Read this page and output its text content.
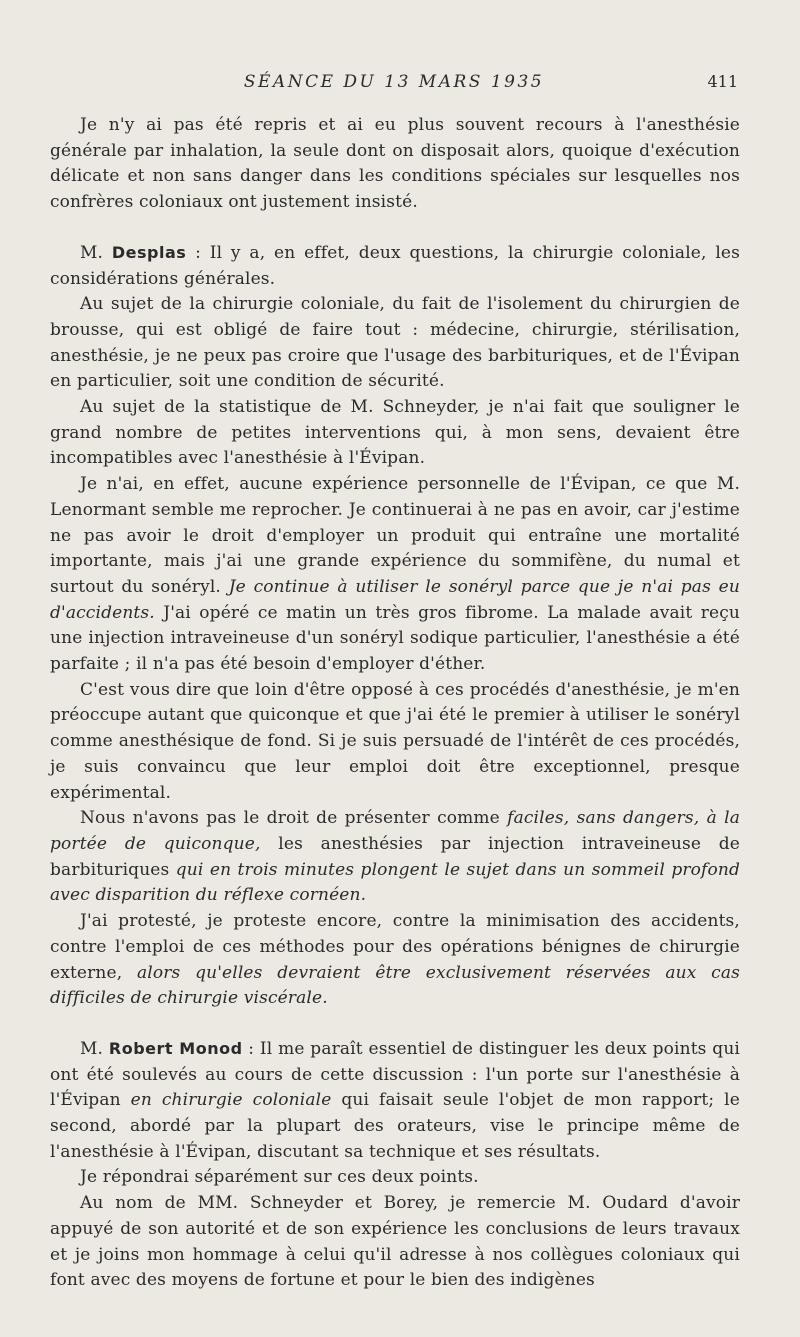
SÉANCE DU 13 MARS 1935	411

Je n'y ai pas été repris et ai eu plus souvent recours à l'anesthésie générale par inhalation, la seule dont on disposait alors, quoique d'exécution délicate et non sans danger dans les conditions spéciales sur lesquelles nos confrères coloniaux ont justement insisté.

M. Desplas : Il y a, en effet, deux questions, la chirurgie coloniale, les considérations générales.

Au sujet de la chirurgie coloniale, du fait de l'isolement du chirurgien de brousse, qui est obligé de faire tout : médecine, chirurgie, stérilisation, anesthésie, je ne peux pas croire que l'usage des barbituriques, et de l'Évipan en particulier, soit une condition de sécurité.

Au sujet de la statistique de M. Schneyder, je n'ai fait que souligner le grand nombre de petites interventions qui, à mon sens, devaient être incompatibles avec l'anesthésie à l'Évipan.

Je n'ai, en effet, aucune expérience personnelle de l'Évipan, ce que M. Lenormant semble me reprocher. Je continuerai à ne pas en avoir, car j'estime ne pas avoir le droit d'employer un produit qui entraîne une mortalité importante, mais j'ai une grande expérience du sommifène, du numal et surtout du sonéryl. Je continue à utiliser le sonéryl parce que je n'ai pas eu d'accidents. J'ai opéré ce matin un très gros fibrome. La malade avait reçu une injection intraveineuse d'un sonéryl sodique particulier, l'anesthésie a été parfaite ; il n'a pas été besoin d'employer d'éther.

C'est vous dire que loin d'être opposé à ces procédés d'anesthésie, je m'en préoccupe autant que quiconque et que j'ai été le premier à utiliser le sonéryl comme anesthésique de fond. Si je suis persuadé de l'intérêt de ces procédés, je suis convaincu que leur emploi doit être exceptionnel, presque expérimental.

Nous n'avons pas le droit de présenter comme faciles, sans dangers, à la portée de quiconque, les anesthésies par injection intraveineuse de barbituriques qui en trois minutes plongent le sujet dans un sommeil profond avec disparition du réflexe cornéen.

J'ai protesté, je proteste encore, contre la minimisation des accidents, contre l'emploi de ces méthodes pour des opérations bénignes de chirurgie externe, alors qu'elles devraient être exclusivement réservées aux cas difficiles de chirurgie viscérale.

M. Robert Monod : Il me paraît essentiel de distinguer les deux points qui ont été soulevés au cours de cette discussion : l'un porte sur l'anesthésie à l'Évipan en chirurgie coloniale qui faisait seule l'objet de mon rapport; le second, abordé par la plupart des orateurs, vise le principe même de l'anesthésie à l'Évipan, discutant sa technique et ses résultats.

Je répondrai séparément sur ces deux points.

Au nom de MM. Schneyder et Borey, je remercie M. Oudard d'avoir appuyé de son autorité et de son expérience les conclusions de leurs travaux et je joins mon hommage à celui qu'il adresse à nos collègues coloniaux qui font avec des moyens de fortune et pour le bien des indigènes
